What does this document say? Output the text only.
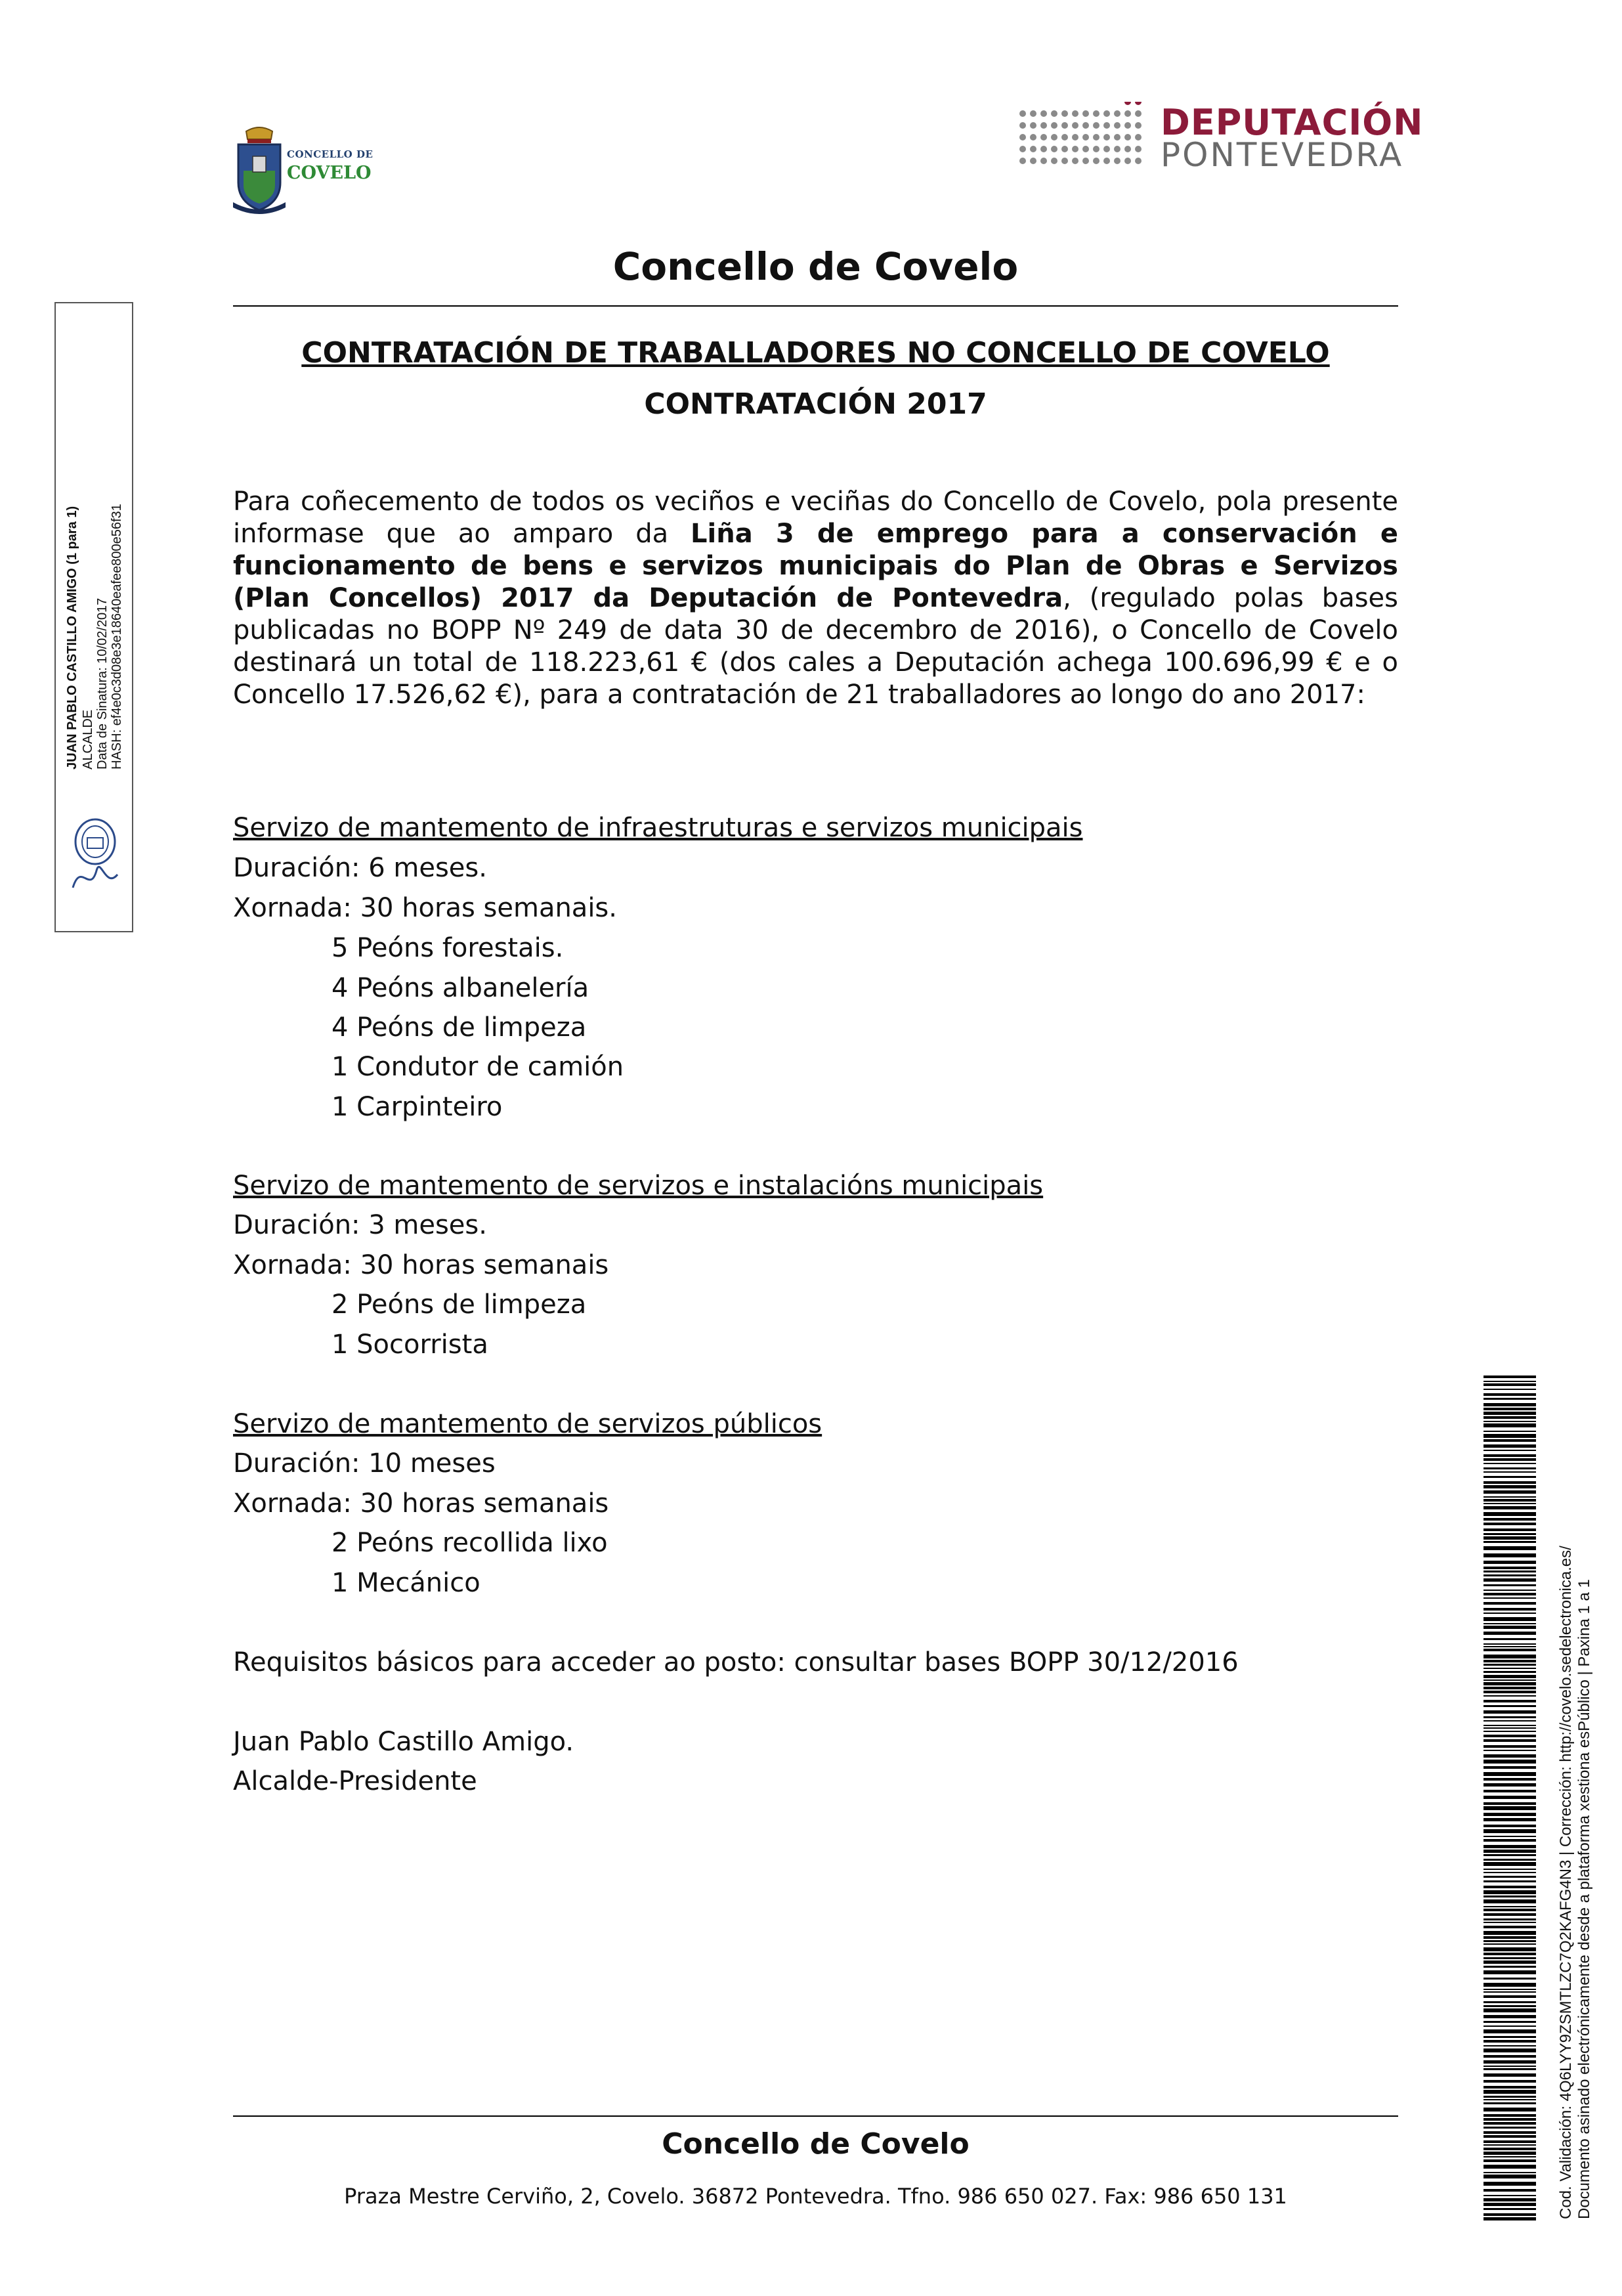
CONCELLO DE
COVELO
DEPUTACIÓN
PONTEVEDRA
Concello de Covelo
CONTRATACIÓN DE TRABALLADORES NO CONCELLO DE COVELO
CONTRATACIÓN 2017
Para coñecemento de todos os veciños e veciñas do Concello de Covelo, pola presente informase que ao amparo da Liña 3 de emprego para a conservación e funcionamento de bens e servizos municipais do Plan de Obras e Servizos (Plan Concellos) 2017 da Deputación de Pontevedra, (regulado polas bases publicadas no BOPP Nº 249 de data 30 de decembro de 2016), o Concello de Covelo destinará un total de 118.223,61 € (dos cales a Deputación achega 100.696,99 € e o Concello 17.526,62 €), para a contratación de 21 traballadores ao longo do ano 2017:
Servizo de mantemento de infraestruturas e servizos municipais
Duración: 6 meses.
Xornada: 30 horas semanais.
5 Peóns forestais.
4 Peóns albanelería
4 Peóns de limpeza
1 Condutor de camión
1 Carpinteiro
Servizo de mantemento de servizos e instalacións municipais
Duración: 3 meses.
Xornada: 30 horas semanais
2 Peóns de limpeza
1 Socorrista
Servizo de mantemento de servizos públicos
Duración: 10 meses
Xornada: 30 horas semanais
2 Peóns recollida lixo
1 Mecánico
Requisitos básicos para acceder ao posto: consultar bases BOPP 30/12/2016
Juan Pablo Castillo Amigo.
Alcalde-Presidente
Concello de Covelo
Praza Mestre Cerviño, 2, Covelo. 36872 Pontevedra. Tfno. 986 650 027. Fax: 986 650 131
JUAN PABLO CASTILLO AMIGO (1 para 1) ALCALDE Data de Sinatura: 10/02/2017 HASH: ef4e0c3d08e3e18640eafee800e56f31
Cod. Validación: 4Q6LYY9ZSMTLZC7Q2KAFG4N3 | Corrección: http://covelo.sedelectronica.es/ Documento asinado electrónicamente desde a plataforma xestiona esPúblico | Paxina 1 a 1
